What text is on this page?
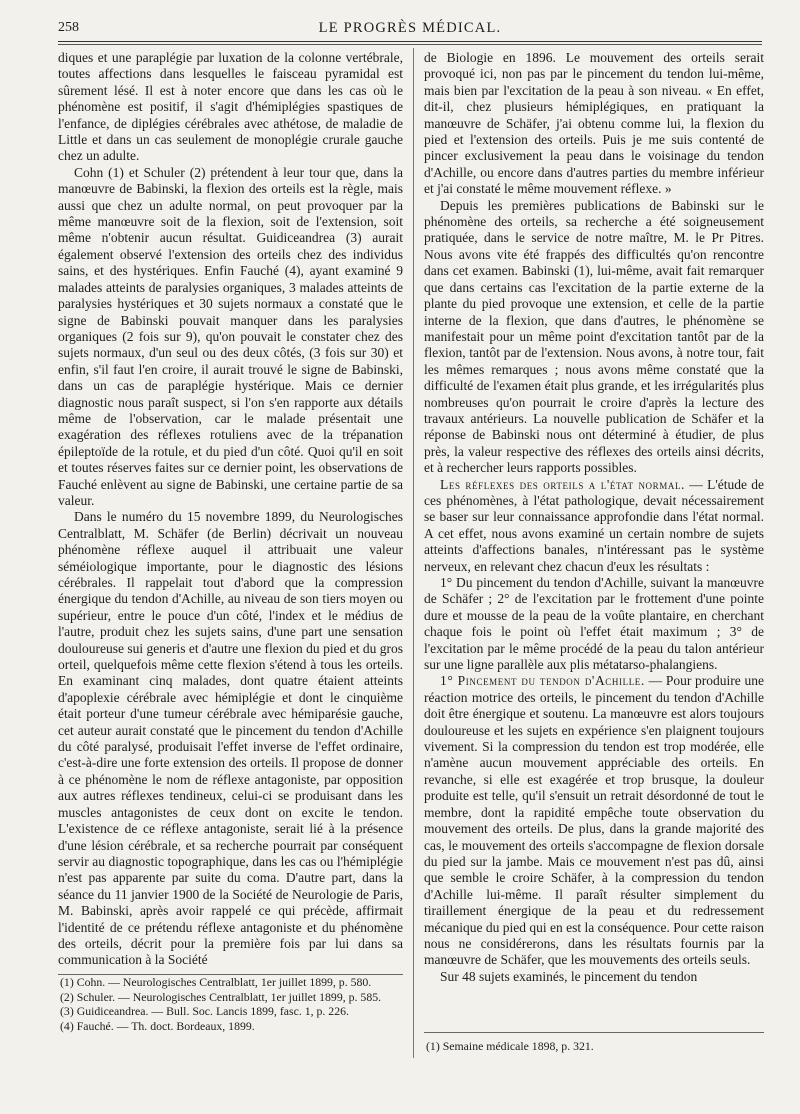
258	LE PROGRÈS MÉDICAL.

diques et une paraplégie par luxation de la colonne vertébrale, toutes affections dans lesquelles le faisceau pyramidal est sûrement lésé. Il est à noter encore que dans les cas où le phénomène est positif, il s'agit d'hémiplégies spastiques de l'enfance, de diplégies cérébrales avec athétose, de maladie de Little et dans un cas seulement de monoplégie crurale gauche chez un adulte.

Cohn (1) et Schuler (2) prétendent à leur tour que, dans la manœuvre de Babinski, la flexion des orteils est la règle, mais aussi que chez un adulte normal, on peut provoquer par la même manœuvre soit de la flexion, soit de l'extension, soit même n'obtenir aucun résultat. Guidiceandrea (3) aurait également observé l'extension des orteils chez des individus sains, et des hystériques. Enfin Fauché (4), ayant examiné 9 malades atteints de paralysies organiques, 3 malades atteints de paralysies hystériques et 30 sujets normaux a constaté que le signe de Babinski pouvait manquer dans les paralysies organiques (2 fois sur 9), qu'on pouvait le constater chez des sujets normaux, d'un seul ou des deux côtés, (3 fois sur 30) et enfin, s'il faut l'en croire, il aurait trouvé le signe de Babinski, dans un cas de paraplégie hystérique. Mais ce dernier diagnostic nous paraît suspect, si l'on s'en rapporte aux détails même de l'observation, car le malade présentait une exagération des réflexes rotuliens avec de la trépanation épileptoïde de la rotule, et du pied d'un côté. Quoi qu'il en soit et toutes réserves faites sur ce dernier point, les observations de Fauché enlèvent au signe de Babinski, une certaine partie de sa valeur.

Dans le numéro du 15 novembre 1899, du Neurologisches Centralblatt, M. Schäfer (de Berlin) décrivait un nouveau phénomène réflexe auquel il attribuait une valeur séméiologique importante, pour le diagnostic des lésions cérébrales. Il rappelait tout d'abord que la compression énergique du tendon d'Achille, au niveau de son tiers moyen ou supérieur, entre le pouce d'un côté, l'index et le médius de l'autre, produit chez les sujets sains, d'une part une sensation douloureuse sui generis et d'autre une flexion du pied et du gros orteil, quelquefois même cette flexion s'étend à tous les orteils. En examinant cinq malades, dont quatre étaient atteints d'apoplexie cérébrale avec hémiplégie et dont le cinquième était porteur d'une tumeur cérébrale avec hémiparésie gauche, cet auteur aurait constaté que le pincement du tendon d'Achille du côté paralysé, produisait l'effet inverse de l'effet ordinaire, c'est-à-dire une forte extension des orteils. Il propose de donner à ce phénomène le nom de réflexe antagoniste, par opposition aux autres réflexes tendineux, celui-ci se produisant dans les muscles antagonistes de ceux dont on excite le tendon. L'existence de ce réflexe antagoniste, serait lié à la présence d'une lésion cérébrale, et sa recherche pourrait par conséquent servir au diagnostic topographique, dans les cas ou l'hémiplégie n'est pas apparente par suite du coma. D'autre part, dans la séance du 11 janvier 1900 de la Société de Neurologie de Paris, M. Babinski, après avoir rappelé ce qui précède, affirmait l'identité de ce prétendu réflexe antagoniste et du phénomène des orteils, décrit pour la première fois par lui dans sa communication à la Société

(1) Cohn. — Neurologisches Centralblatt, 1er juillet 1899, p. 580.

(2) Schuler. — Neurologisches Centralblatt, 1er juillet 1899, p. 585.

(3) Guidiceandrea. — Bull. Soc. Lancis 1899, fasc. 1, p. 226.

(4) Fauché. — Th. doct. Bordeaux, 1899.

de Biologie en 1896. Le mouvement des orteils serait provoqué ici, non pas par le pincement du tendon lui-même, mais bien par l'excitation de la peau à son niveau. « En effet, dit-il, chez plusieurs hémiplégiques, en pratiquant la manœuvre de Schäfer, j'ai obtenu comme lui, la flexion du pied et l'extension des orteils. Puis je me suis contenté de pincer exclusivement la peau dans le voisinage du tendon d'Achille, ou encore dans d'autres parties du membre inférieur et j'ai constaté le même mouvement réflexe. »

Depuis les premières publications de Babinski sur le phénomène des orteils, sa recherche a été soigneusement pratiquée, dans le service de notre maître, M. le Pr Pitres. Nous avons vite été frappés des difficultés qu'on rencontre dans cet examen. Babinski (1), lui-même, avait fait remarquer que dans certains cas l'excitation de la partie externe de la plante du pied provoque une extension, et celle de la partie interne de la flexion, que dans d'autres, le phénomène se manifestait pour un même point d'excitation tantôt par de la flexion, tantôt par de l'extension. Nous avons, à notre tour, fait les mêmes remarques ; nous avons même constaté que la difficulté de l'examen était plus grande, et les irrégularités plus nombreuses qu'on pourrait le croire d'après la lecture des travaux antérieurs. La nouvelle publication de Schäfer et la réponse de Babinski nous ont déterminé à étudier, de plus près, la valeur respective des réflexes des orteils ainsi décrits, et à rechercher leurs rapports possibles.

Les réflexes des orteils a l'état normal. — L'étude de ces phénomènes, à l'état pathologique, devait nécessairement se baser sur leur connaissance approfondie dans l'état normal. A cet effet, nous avons examiné un certain nombre de sujets atteints d'affections banales, n'intéressant pas le système nerveux, en relevant chez chacun d'eux les résultats :

1° Du pincement du tendon d'Achille, suivant la manœuvre de Schäfer ; 2° de l'excitation par le frottement d'une pointe dure et mousse de la peau de la voûte plantaire, en cherchant chaque fois le point où l'effet était maximum ; 3° de l'excitation par le même procédé de la peau du talon antérieur sur une ligne parallèle aux plis métatarso-phalangiens.

1° Pincement du tendon d'Achille. — Pour produire une réaction motrice des orteils, le pincement du tendon d'Achille doit être énergique et soutenu. La manœuvre est alors toujours douloureuse et les sujets en expérience s'en plaignent toujours vivement. Si la compression du tendon est trop modérée, elle n'amène aucun mouvement appréciable des orteils. En revanche, si elle est exagérée et trop brusque, la douleur produite est telle, qu'il s'ensuit un retrait désordonné de tout le membre, dont la rapidité empêche toute observation du mouvement des orteils. De plus, dans la grande majorité des cas, le mouvement des orteils s'accompagne de flexion dorsale du pied sur la jambe. Mais ce mouvement n'est pas dû, ainsi que semble le croire Schäfer, à la compression du tendon d'Achille lui-même. Il paraît résulter simplement du tiraillement énergique de la peau et du redressement mécanique du pied qui en est la conséquence. Pour cette raison nous ne considérerons, dans les résultats fournis par la manœuvre de Schäfer, que les mouvements des orteils seuls.

Sur 48 sujets examinés, le pincement du tendon

(1) Semaine médicale 1898, p. 321.
